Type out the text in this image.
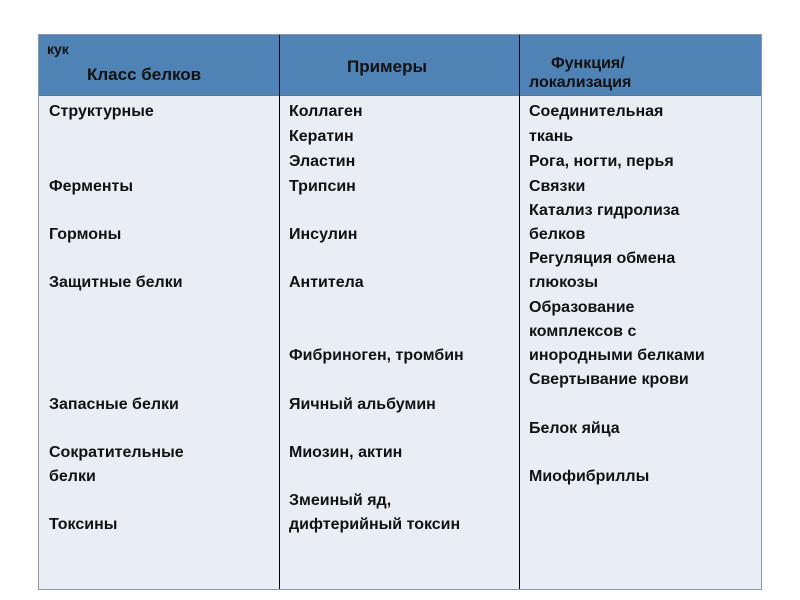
кук
Класс белков	Примеры	Функция/
локализация
Структурные
Ферменты
Гормоны
Защитные белки
Запасные белки
Сократительные
белки
Токсины
Коллаген
Кератин
Эластин
Трипсин
Инсулин
Антитела
Фибриноген, тромбин
Яичный альбумин
Миозин, актин
Змеиный яд,
дифтерийный токсин
Соединительная
ткань
Рога, ногти, перья
Связки
Катализ гидролиза
белков
Регуляция обмена
глюкозы
Образование
комплексов с
инородными белками
Свертывание крови
Белок яйца
Миофибриллы
